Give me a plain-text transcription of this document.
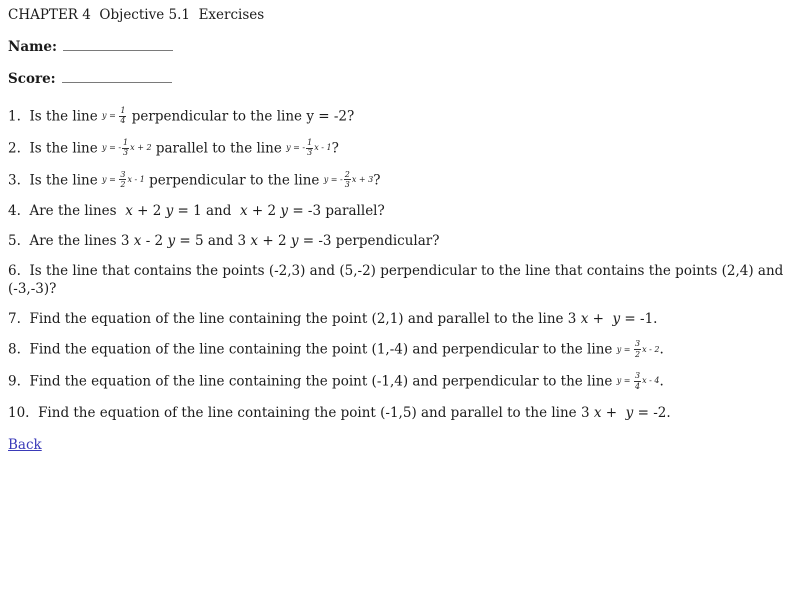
CHAPTER 4  Objective 5.1  Exercises
Name:
Score:
1.  Is the line $y = \frac{1}{4}$ perpendicular to the line y = -2?
2.  Is the line y = - $\frac{1}{3}$ x + 2 parallel to the line y = - $\frac{1}{3}$ x - 1 ?
3.  Is the line $y = \frac{3}{2}$ x - 1 perpendicular to the line y = - $\frac{2}{3}$ x + 3 ?
4.  Are the lines  x + 2 y = 1 and  x + 2 y = -3 parallel?
5.  Are the lines 3 x - 2 y = 5 and 3 x + 2 y = -3 perpendicular?
6.  Is the line that contains the points (-2,3) and (5,-2) perpendicular to the line that contains the points (2,4) and (-3,-3)?
7.  Find the equation of the line containing the point (2,1) and parallel to the line 3 x +  y = -1.
8.  Find the equation of the line containing the point (1,-4) and perpendicular to the line $y = \frac{3}{2}$ x - 2 .
9.  Find the equation of the line containing the point (-1,4) and perpendicular to the line $y = \frac{3}{4}$ x - 4 .
10.  Find the equation of the line containing the point (-1,5) and parallel to the line 3 x +  y = -2.
Back
